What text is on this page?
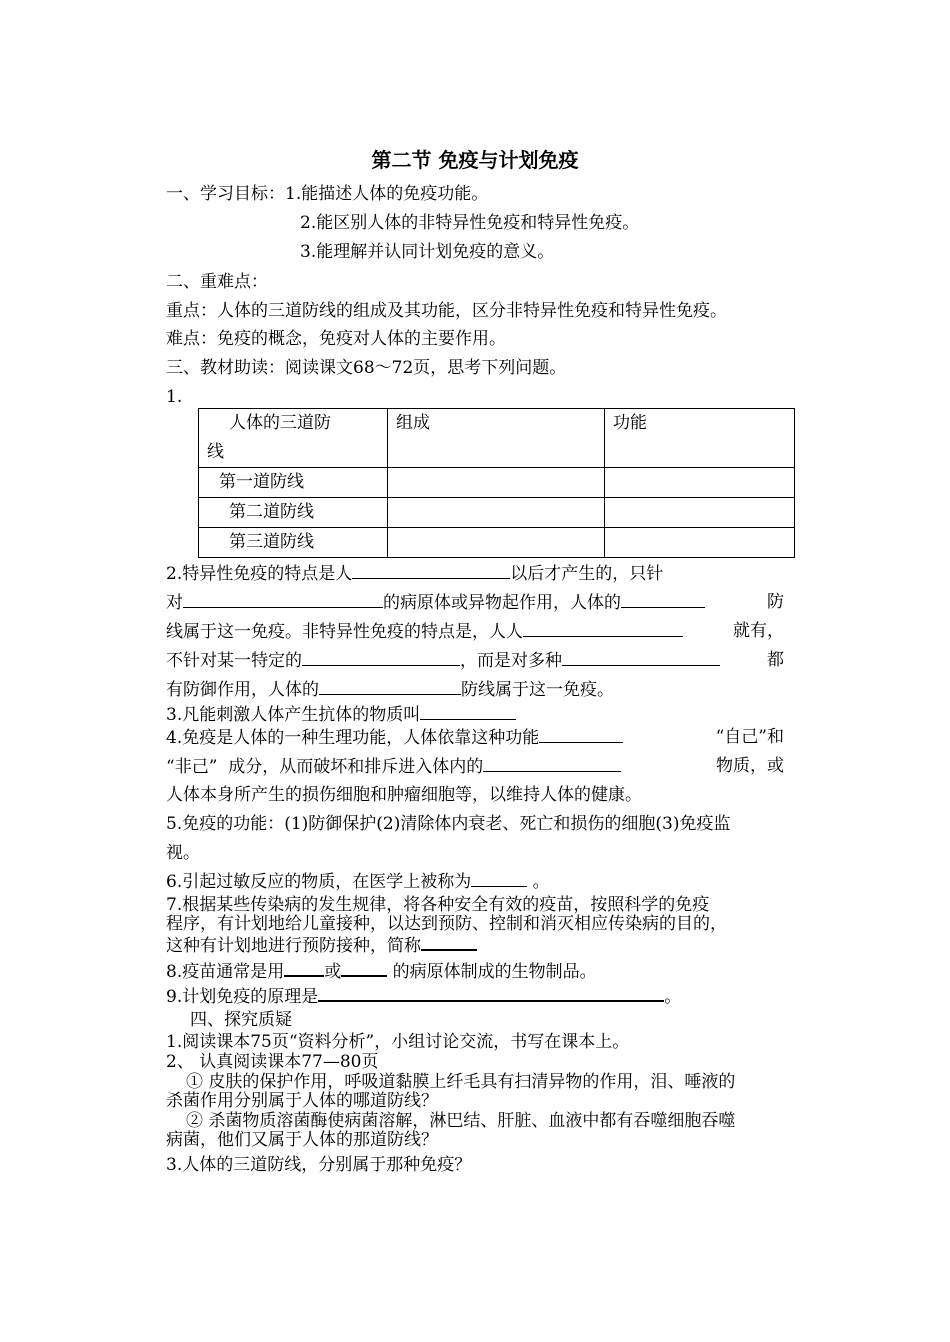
第二节 免疫与计划免疫
一、学习目标：1.能描述人体的免疫功能。
2.能区别人体的非特异性免疫和特异性免疫。
3.能理解并认同计划免疫的意义。
二、重难点：
重点：人体的三道防线的组成及其功能，区分非特异性免疫和特异性免疫。
难点：免疫的概念，免疫对人体的主要作用。
三、教材助读：阅读课文68～72页，思考下列问题。
1.
人体的三道防
线	组成	功能
第一道防线		
第二道防线		
第三道防线		
2.特异性免疫的特点是人	以后才产生的，只针
对	的病原体或异物起作用，人体的	防
线属于这一免疫。非特异性免疫的特点是，人人	就有，
不针对某一特定的	，而是对多种	都
有防御作用，人体的	防线属于这一免疫。
3.凡能刺激人体产生抗体的物质叫
4.免疫是人体的一种生理功能，人体依靠这种功能	“自己”和
“非己” 成分，从而破坏和排斥进入体内的	物质，或
人体本身所产生的损伤细胞和肿瘤细胞等，以维持人体的健康。
5.免疫的功能：(1)防御保护(2)清除体内衰老、死亡和损伤的细胞(3)免疫监
视。
6.引起过敏反应的物质，在医学上被称为	。
7.根据某些传染病的发生规律，将各种安全有效的疫苗，按照科学的免疫
程序，有计划地给儿童接种，以达到预防、控制和消灭相应传染病的目的，
这种有计划地进行预防接种，简称
8.疫苗通常是用 或	的病原体制成的生物制品。
9.计划免疫的原理是	。
四、探究质疑
1.阅读课本75页“资料分析”，小组讨论交流，书写在课本上。
2、 认真阅读课本77—80页
① 皮肤的保护作用，呼吸道黏膜上纤毛具有扫清异物的作用，泪、唾液的
杀菌作用分别属于人体的哪道防线？
② 杀菌物质溶菌酶使病菌溶解，淋巴结、肝脏、血液中都有吞噬细胞吞噬
病菌，他们又属于人体的那道防线？
3.人体的三道防线，分别属于那种免疫？
